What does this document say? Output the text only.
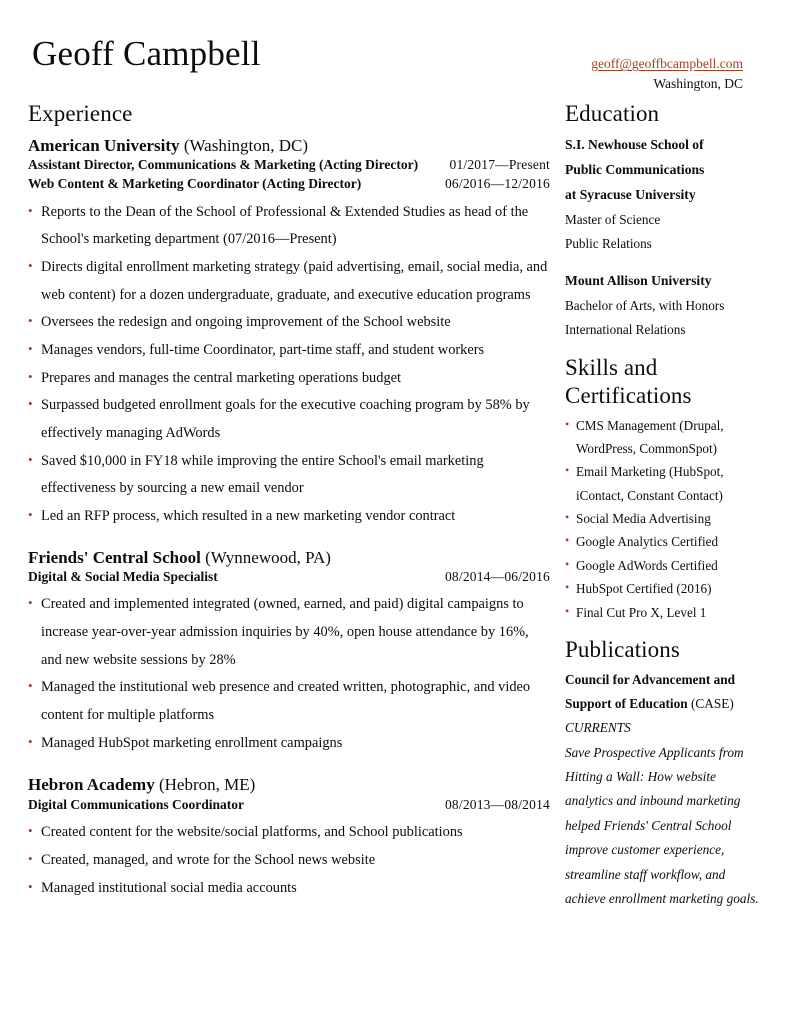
Geoff Campbell	geoff@geoffbcampbell.com
Washington, DC
Experience
American University (Washington, DC)
Assistant Director, Communications & Marketing (Acting Director) 01/2017—Present
Web Content & Marketing Coordinator (Acting Director)	06/2016—12/2016
• Reports to the Dean of the School of Professional & Extended Studies as head of the School's marketing department (07/2016—Present)
• Directs digital enrollment marketing strategy (paid advertising, email, social media, and web content) for a dozen undergraduate, graduate, and executive education programs
• Oversees the redesign and ongoing improvement of the School website
• Manages vendors, full-time Coordinator, part-time staff, and student workers
• Prepares and manages the central marketing operations budget
• Surpassed budgeted enrollment goals for the executive coaching program by 58% by effectively managing AdWords
• Saved $10,000 in FY18 while improving the entire School's email marketing effectiveness by sourcing a new email vendor
• Led an RFP process, which resulted in a new marketing vendor contract
Friends' Central School (Wynnewood, PA)
Digital & Social Media Specialist	08/2014—06/2016
• Created and implemented integrated (owned, earned, and paid) digital campaigns to increase year-over-year admission inquiries by 40%, open house attendance by 16%, and new website sessions by 28%
• Managed the institutional web presence and created written, photographic, and video content for multiple platforms
• Managed HubSpot marketing enrollment campaigns
Hebron Academy (Hebron, ME)
Digital Communications Coordinator	08/2013—08/2014
• Created content for the website/social platforms, and School publications
• Created, managed, and wrote for the School news website
• Managed institutional social media accounts
Education
S.I. Newhouse School of
Public Communications
at Syracuse University
Master of Science
Public Relations
Mount Allison University
Bachelor of Arts, with Honors
International Relations
Skills and Certifications
• CMS Management (Drupal, WordPress, CommonSpot)
• Email Marketing (HubSpot, iContact, Constant Contact)
• Social Media Advertising
• Google Analytics Certified
• Google AdWords Certified
• HubSpot Certified (2016)
• Final Cut Pro X, Level 1
Publications
Council for Advancement and Support of Education (CASE)
CURRENTS
Save Prospective Applicants from Hitting a Wall: How website analytics and inbound marketing helped Friends' Central School improve customer experience, streamline staff workflow, and achieve enrollment marketing goals.
